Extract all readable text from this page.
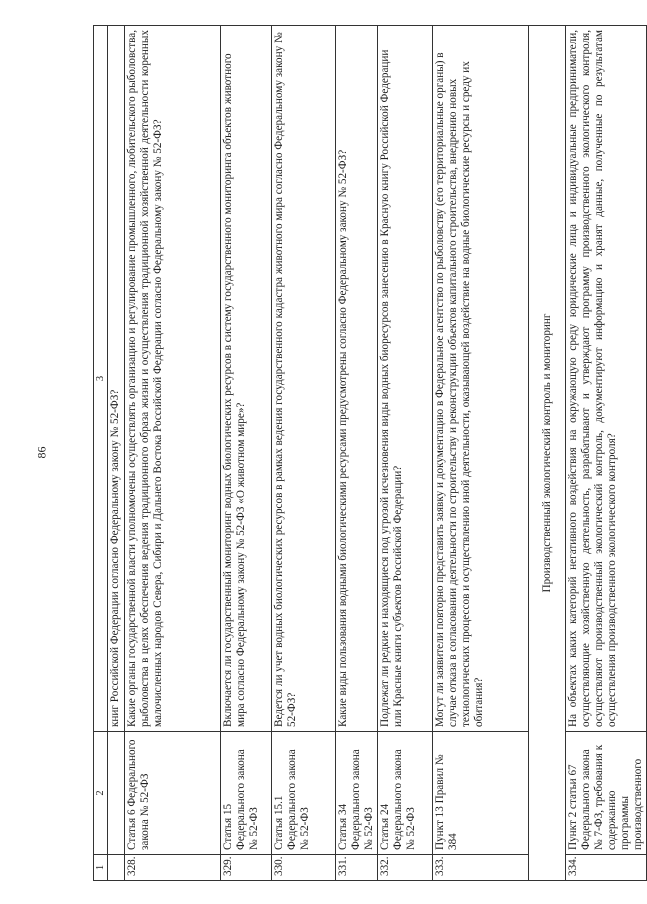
86
1	2	3
		книг Российской Федерации согласно Федеральному закону № 52-ФЗ?
328.	Статья 6 Федерального закона № 52-ФЗ	Какие органы государственной власти уполномочены осуществлять организацию и регулирование промышленного, любительского рыболовства, рыболовства в целях обеспечения ведения традиционного образа жизни и осуществления традиционной хозяйственной деятельности коренных малочисленных народов Севера, Сибири и Дальнего Востока Российской Федерации согласно Федеральному закону № 52-ФЗ?
329.	Статья 15 Федерального закона № 52-ФЗ	Включается ли государственный мониторинг водных биологических ресурсов в систему государственного мониторинга объектов животного мира согласно Федеральному закону № 52-ФЗ «О животном мире»?
330.	Статья 15.1 Федерального закона № 52-ФЗ	Ведется ли учет водных биологических ресурсов в рамках ведения государственного кадастра животного мира согласно Федеральному закону № 52-ФЗ?
331.	Статья 34 Федерального закона № 52-ФЗ	Какие виды пользования водными биологическими ресурсами предусмотрены согласно Федеральному закону № 52-ФЗ?
332.	Статья 24 Федерального закона № 52-ФЗ	Подлежат ли редкие и находящиеся под угрозой исчезновения виды водных биоресурсов занесению в Красную книгу Российской Федерации или Красные книги субъектов Российской Федерации?
333.	Пункт 13 Правил № 384	Могут ли заявители повторно представить заявку и документацию в Федеральное агентство по рыболовству (его территориальные органы) в случае отказа в согласовании деятельности по строительству и реконструкции объектов капитального строительства, внедрению новых технологических процессов и осуществлению иной деятельности, оказывающей воздействие на водные биологические ресурсы и среду их обитания?
Производственный экологический контроль и мониторинг		
334.	Пункт 2 статьи 67 Федерального закона № 7-ФЗ, требования к содержанию программы производственного	На объектах каких категорий негативного воздействия на окружающую среду юридические лица и индивидуальные предприниматели, осуществляющие хозяйственную деятельность, разрабатывают и утверждают программу производственного экологического контроля, осуществляют производственный экологический контроль, документируют информацию и хранят данные, полученные по результатам осуществления производственного экологического контроля?
